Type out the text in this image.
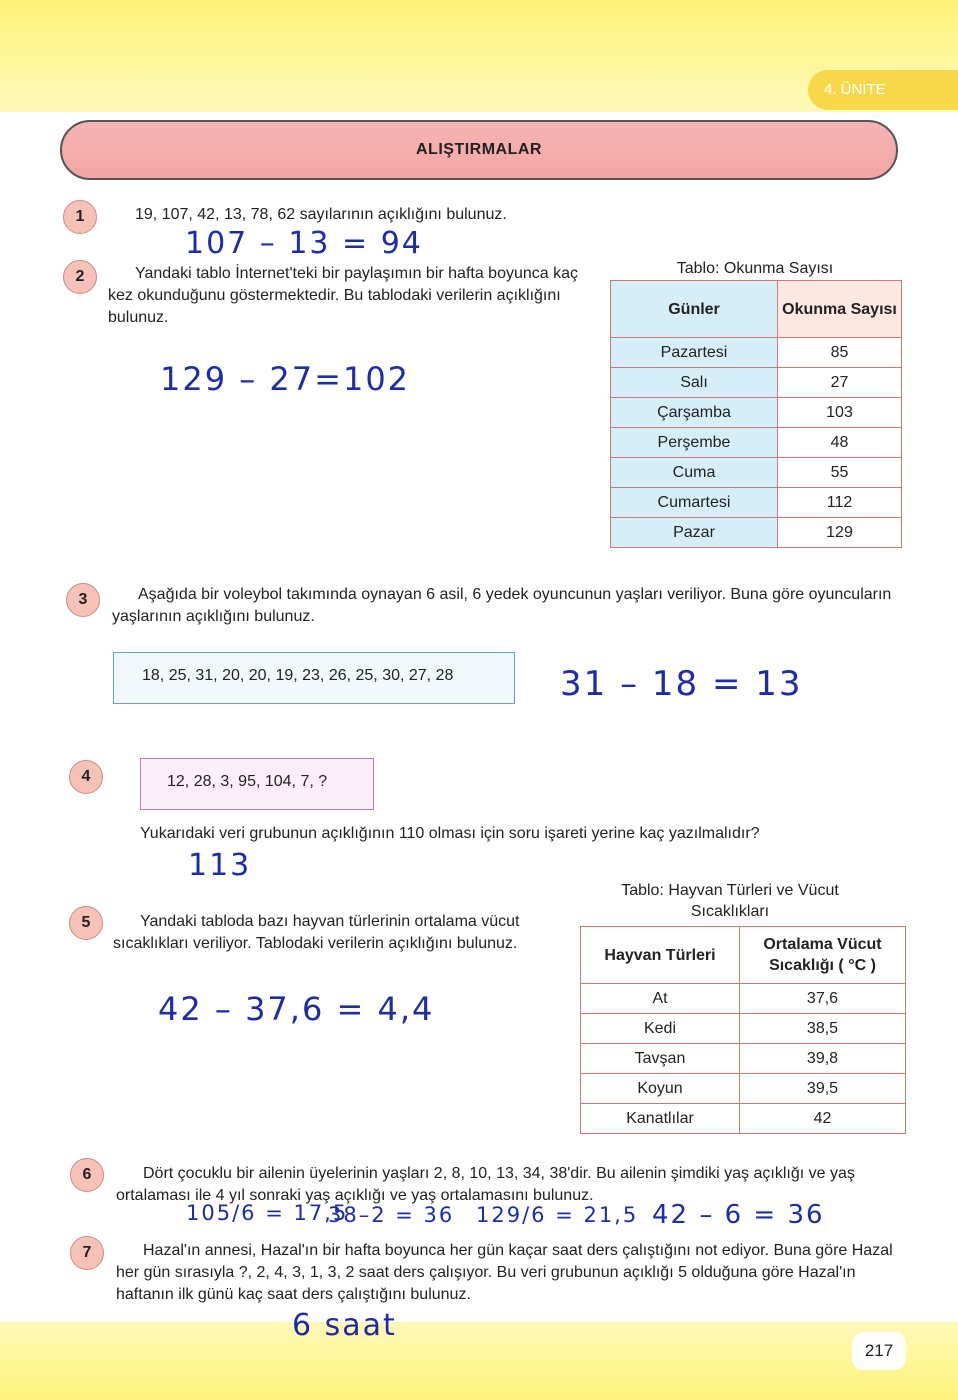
4. ÜNİTE
ALIŞTIRMALAR
1	19, 107, 42, 13, 78, 62 sayılarının açıklığını bulunuz.
107 – 13 = 94
2	Yandaki tablo İnternet'teki bir paylaşımın bir hafta boyunca kaç kez okunduğunu göstermektedir. Bu tablodaki verilerin açıklığını bulunuz.
129 – 27=102
Tablo: Okunma Sayısı
Günler	Okunma Sayısı
Pazartesi	85
Salı	27
Çarşamba	103
Perşembe	48
Cuma	55
Cumartesi	112
Pazar	129
3	Aşağıda bir voleybol takımında oynayan 6 asil, 6 yedek oyuncunun yaşları veriliyor. Buna göre oyuncuların yaşlarının açıklığını bulunuz.
18, 25, 31, 20, 20, 19, 23, 26, 25, 30, 27, 28	31 – 18 = 13
4	12, 28, 3, 95, 104, 7, ?
Yukarıdaki veri grubunun açıklığının 110 olması için soru işareti yerine kaç yazılmalıdır?
113
5	Yandaki tabloda bazı hayvan türlerinin ortalama vücut sıcaklıkları veriliyor. Tablodaki verilerin açıklığını bulunuz.
42 – 37,6 = 4,4
Tablo: Hayvan Türleri ve Vücut Sıcaklıkları
Hayvan Türleri	Ortalama Vücut Sıcaklığı ( °C )
At	37,6
Kedi	38,5
Tavşan	39,8
Koyun	39,5
Kanatlılar	42
6	Dört çocuklu bir ailenin üyelerinin yaşları 2, 8, 10, 13, 34, 38'dir. Bu ailenin şimdiki yaş açıklığı ve yaş ortalaması ile 4 yıl sonraki yaş açıklığı ve yaş ortalamasını bulunuz.
105/6 = 17,5
38–2 = 36 129/6 = 21,5 42 – 6 = 36
7	Hazal'ın annesi, Hazal'ın bir hafta boyunca her gün kaçar saat ders çalıştığını not ediyor. Buna göre Hazal her gün sırasıyla ?, 2, 4, 3, 1, 3, 2 saat ders çalışıyor. Bu veri grubunun açıklığı 5 olduğuna göre Hazal'ın haftanın ilk günü kaç saat ders çalıştığını bulunuz.
6 saat
217
